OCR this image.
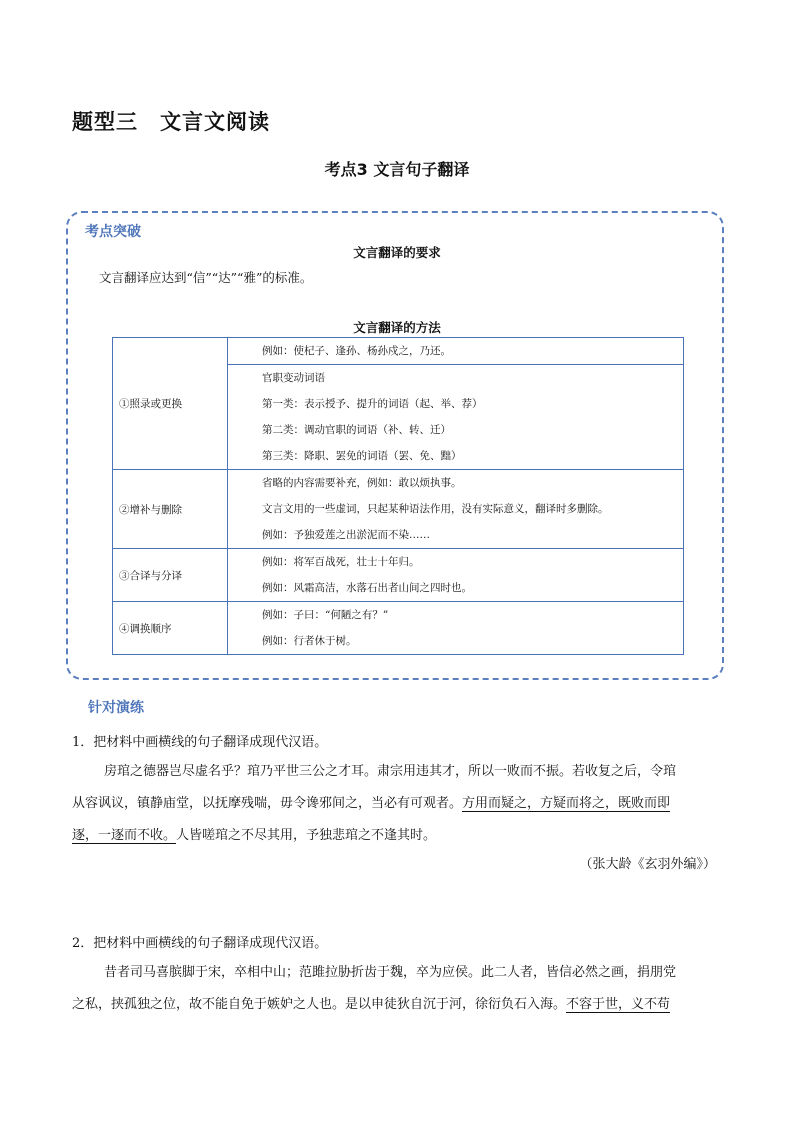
题型三 文言文阅读
考点3 文言句子翻译
考点突破
文言翻译的要求
文言翻译应达到“信”“达”“雅”的标准。
文言翻译的方法
①照录或更换	例如：使杞子、逢孙、杨孙戍之，乃还。
官职变动词语
第一类：表示授予、提升的词语（起、举、荐）
第二类：调动官职的词语（补、转、迁）
第三类：降职、罢免的词语（罢、免、黜）

②增补与删除	省略的内容需要补充，例如：敢以烦执事。
文言文用的一些虚词，只起某种语法作用，没有实际意义，翻译时多删除。
例如：予独爱莲之出淤泥而不染……

③合译与分译	例如：将军百战死，壮士十年归。
例如：风霜高洁，水落石出者山间之四时也。

④调换顺序	例如：子曰：“何陋之有？”
例如：行者休于树。
针对演练
1．把材料中画横线的句子翻译成现代汉语。
房琯之德器岂尽虚名乎？琯乃平世三公之才耳。肃宗用违其才，所以一败而不振。若收复之后，令琯
从容讽议，镇静庙堂，以抚摩残喘，毋令谗邪间之，当必有可观者。方用而疑之，方疑而将之，既败而即
逐，一逐而不收。人皆嗟琯之不尽其用，予独悲琯之不逢其时。
（张大龄《玄羽外编》）
2．把材料中画横线的句子翻译成现代汉语。
昔者司马喜膑脚于宋，卒相中山；范雎拉胁折齿于魏，卒为应侯。此二人者，皆信必然之画，捐朋党
之私，挟孤独之位，故不能自免于嫉妒之人也。是以申徒狄自沉于河，徐衍负石入海。不容于世，义不苟
